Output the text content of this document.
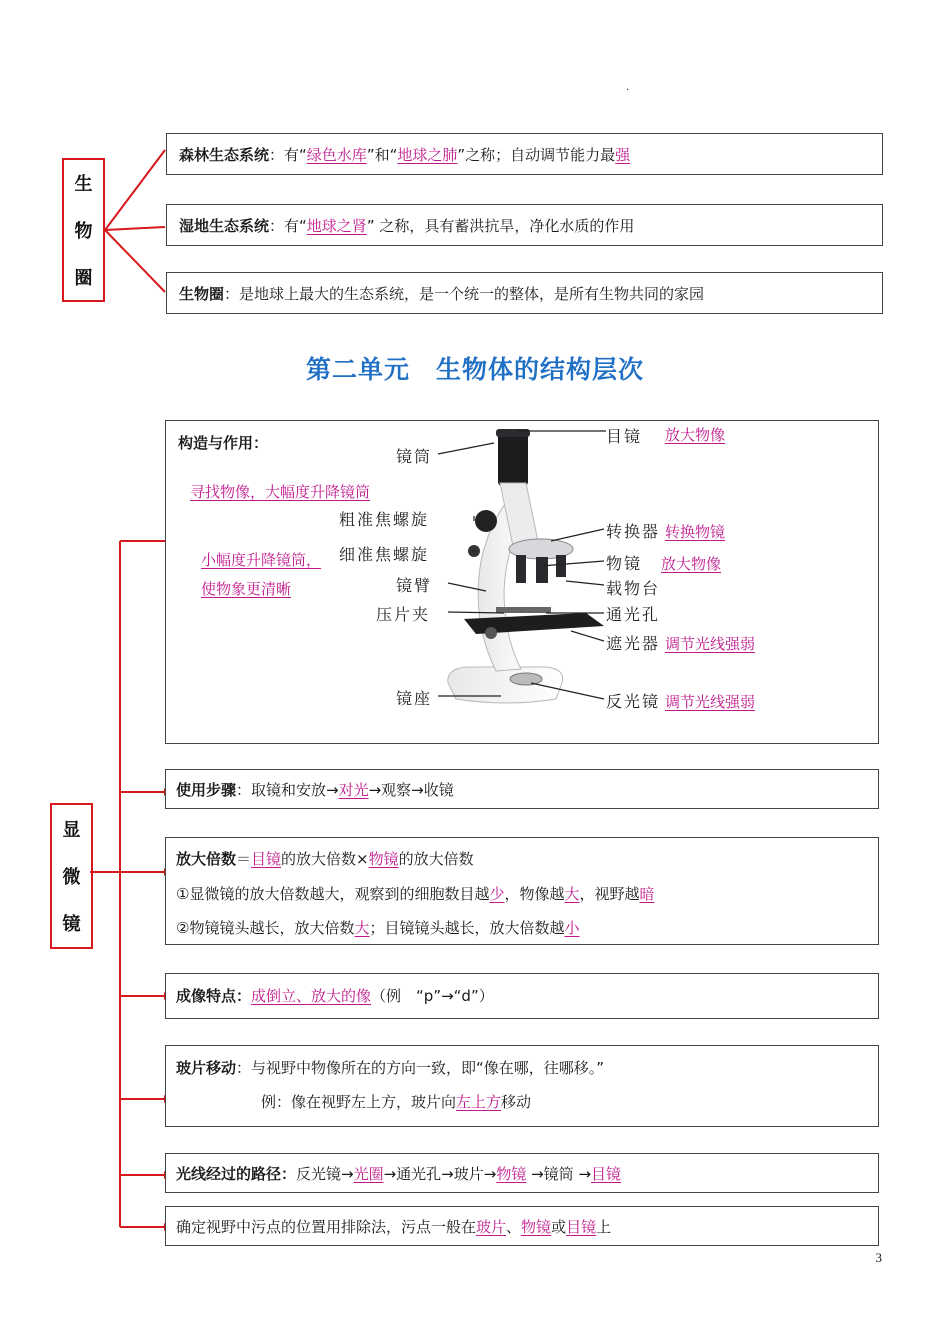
.
生
物
圈
森林生态系统：有“绿色水库”和“地球之肺”之称；自动调节能力最强
湿地生态系统：有“地球之肾” 之称，具有蓄洪抗旱，净化水质的作用
生物圈：是地球上最大的生态系统，是一个统一的整体，是所有生物共同的家园
第二单元　生物体的结构层次
显
微
镜
构造与作用：
寻找物像，大幅度升降镜筒
小幅度升降镜筒，
使物象更清晰
镜筒
粗准焦螺旋
细准焦螺旋
镜臂
压片夹
镜座
目镜 放大物像
转换器 转换物镜
物镜 放大物像
载物台
通光孔
遮光器 调节光线强弱
反光镜 调节光线强弱
使用步骤：取镜和安放→对光→观察→收镜
放大倍数＝目镜的放大倍数×物镜的放大倍数
①显微镜的放大倍数越大，观察到的细胞数目越少，物像越大，视野越暗
②物镜镜头越长，放大倍数大；目镜镜头越长，放大倍数越小
成像特点：成倒立、放大的像（例　“p”→“d”）
玻片移动：与视野中物像所在的方向一致，即“像在哪，往哪移。”
例：像在视野左上方，玻片向左上方移动
光线经过的路径：反光镜→光圈→通光孔→玻片→物镜 →镜筒 →目镜
确定视野中污点的位置用排除法，污点一般在玻片、物镜或目镜上
3
